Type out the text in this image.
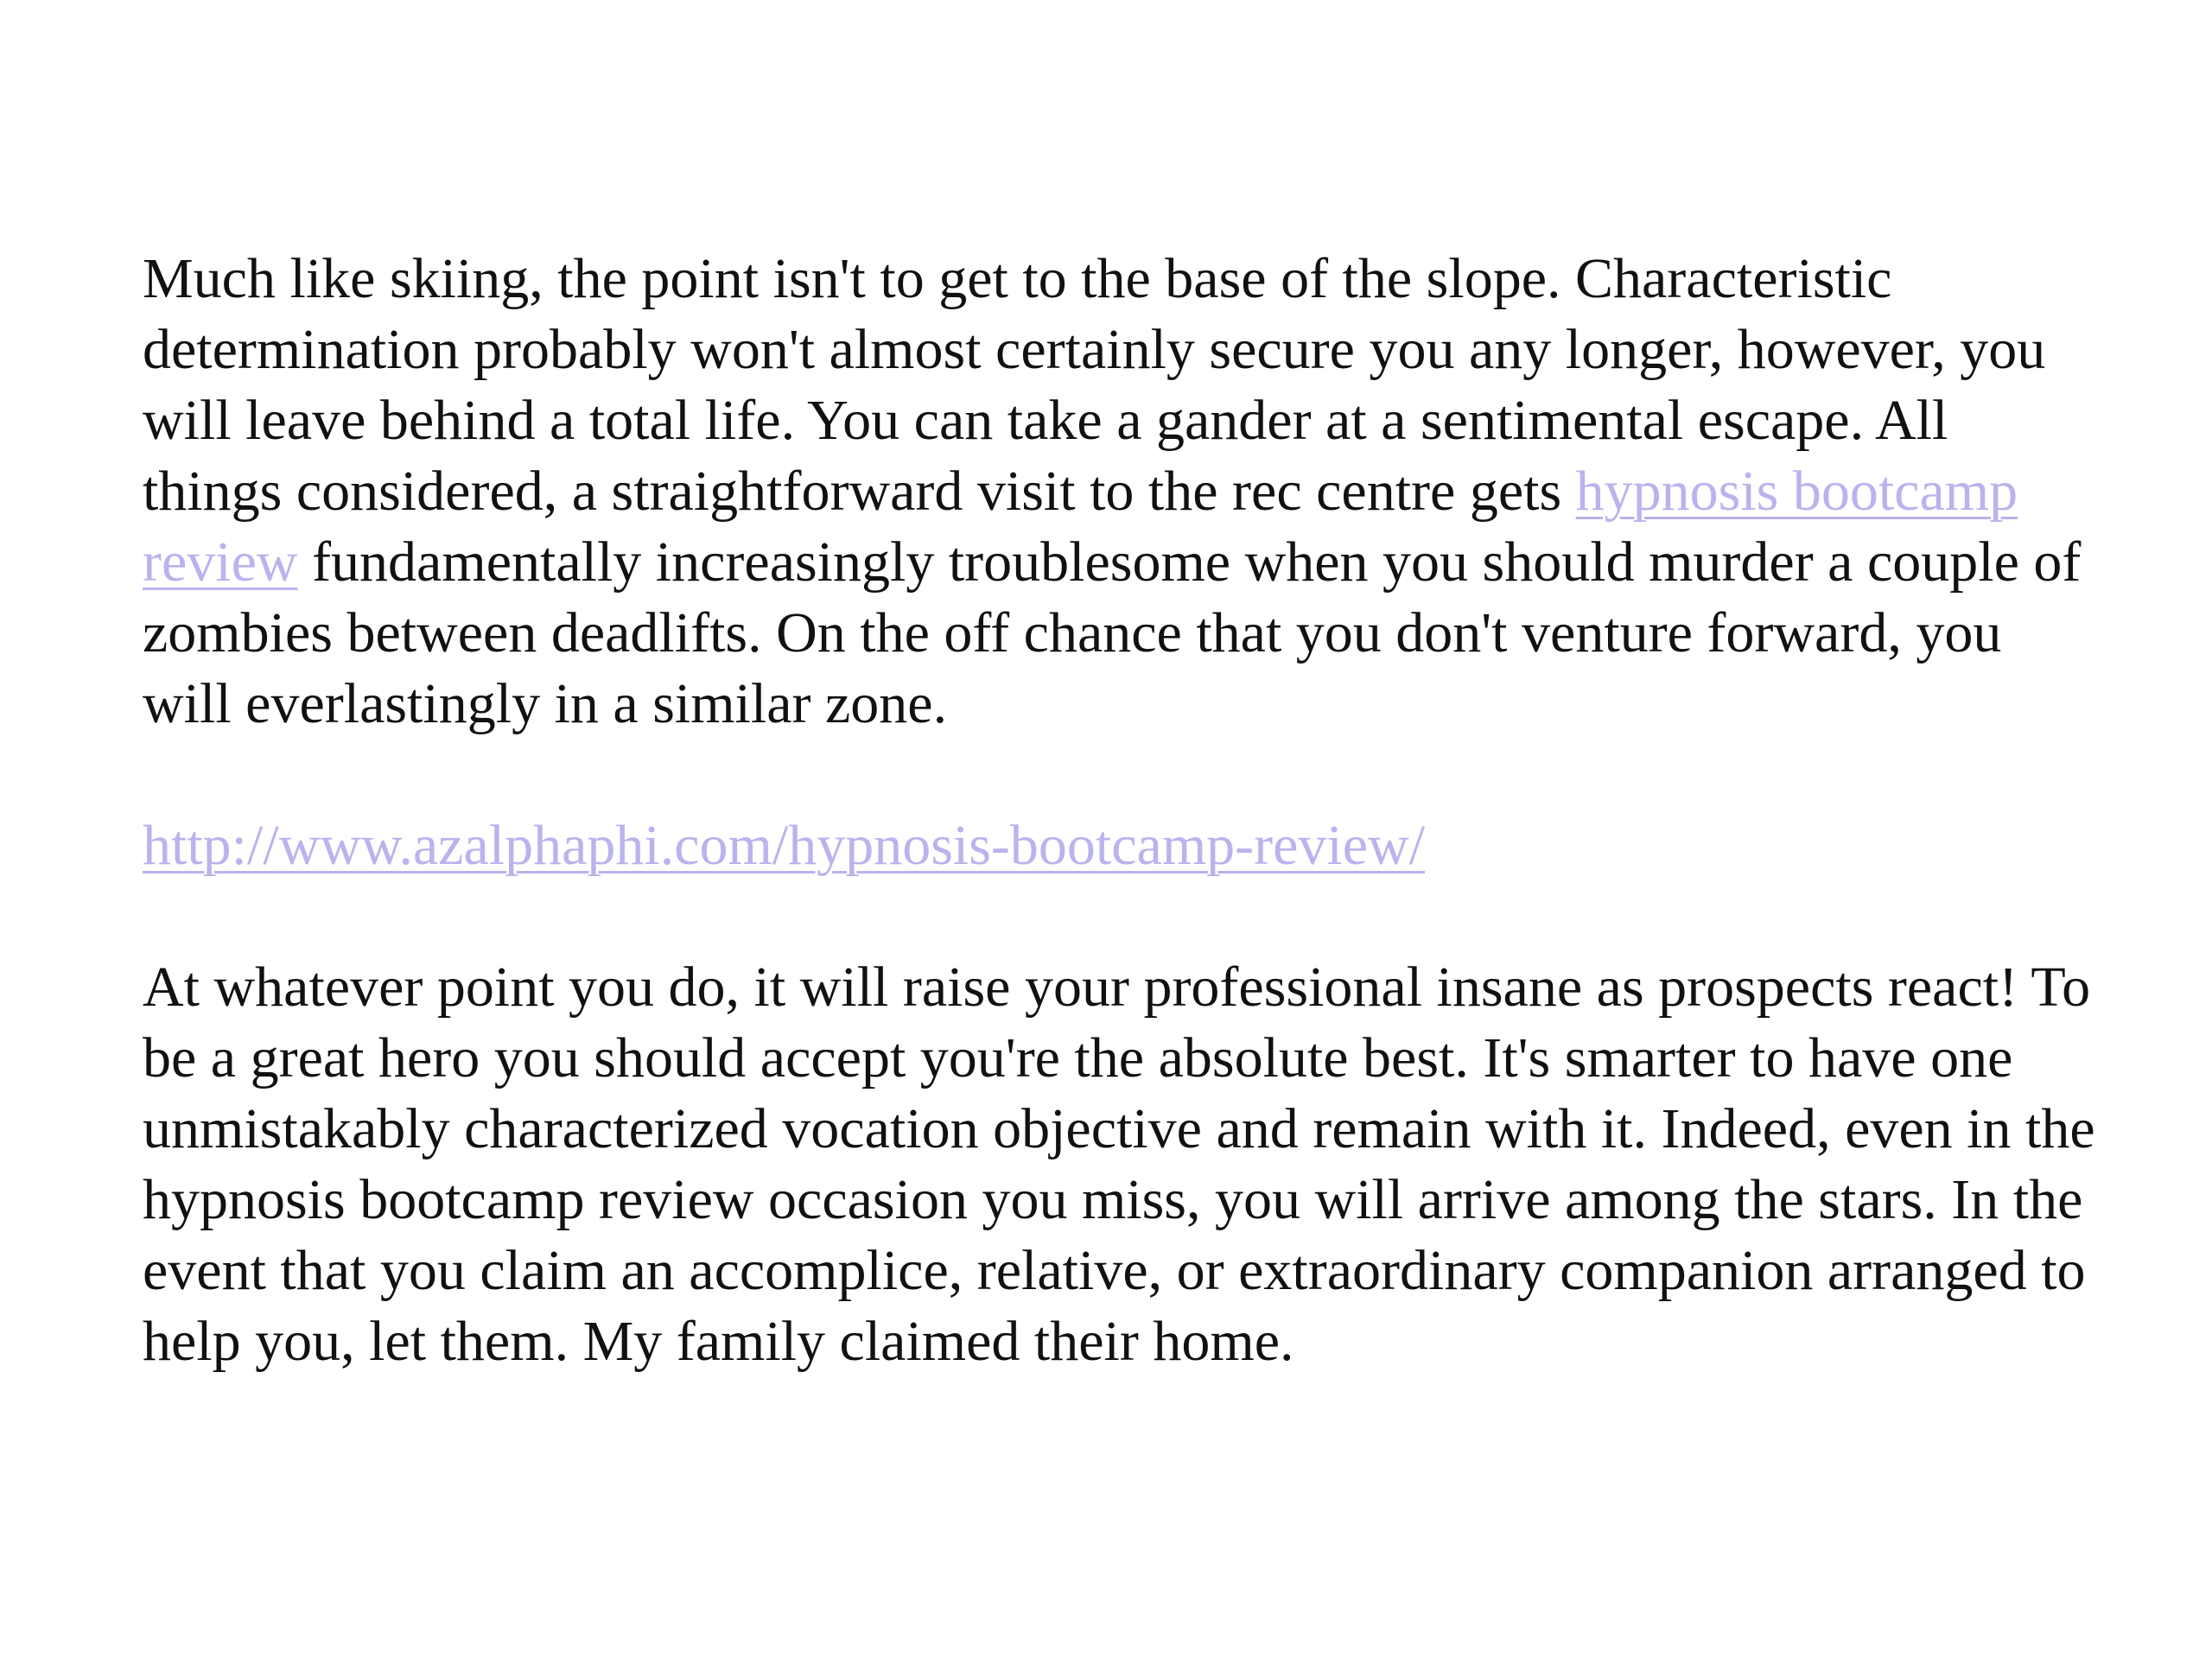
Much like skiing, the point isn't to get to the base of the slope. Characteristic determination probably won't almost certainly secure you any longer, however, you will leave behind a total life. You can take a gander at a sentimental escape. All things considered, a straightforward visit to the rec centre gets hypnosis bootcamp review fundamentally increasingly troublesome when you should murder a couple of zombies between deadlifts. On the off chance that you don't venture forward, you will everlastingly in a similar zone.

http://www.azalphaphi.com/hypnosis-bootcamp-review/

At whatever point you do, it will raise your professional insane as prospects react! To be a great hero you should accept you're the absolute best. It's smarter to have one unmistakably characterized vocation objective and remain with it. Indeed, even in the hypnosis bootcamp review occasion you miss, you will arrive among the stars. In the event that you claim an accomplice, relative, or extraordinary companion arranged to help you, let them. My family claimed their home.
